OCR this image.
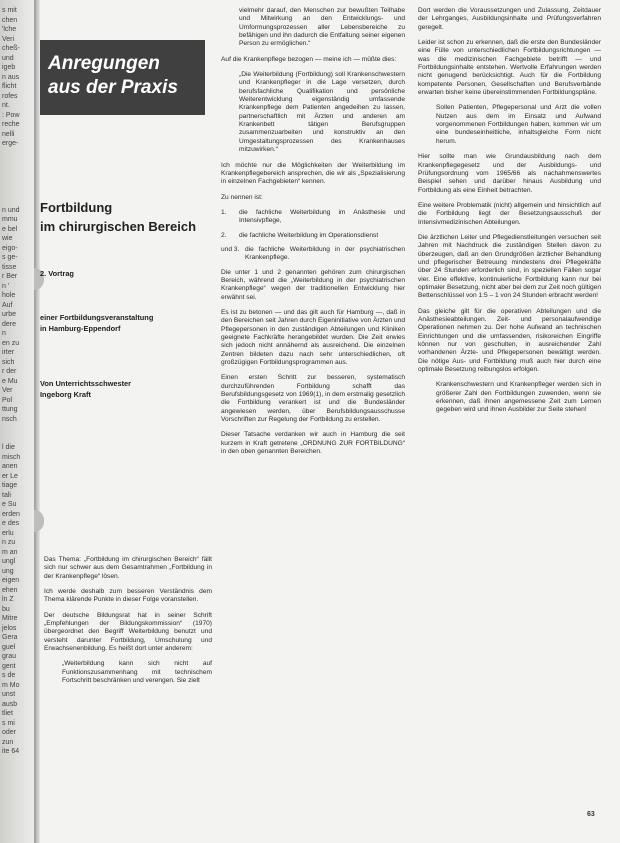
s mit
chen
'lche
Veri
cheß-
und
igeb
n aus
flicht
rofes
nt.
: Pow
reche
nelli
erge-
n und
mmu
e bel
wie
eigo-
s ge-
tisse
r Ber
n '
hole
Auf
urbe
dere
n
en zu
irter
sich
r der
e Mu
Ver
Pol
ttung
nsch
l die
misch
anen
er Le
tiage
tali
e Su
erden
e des
erlu
n zu
m an
ungl
ung
eigen
ehen
ln Z
bu
Mitre
jelos
Gera
guel
grau
gent
s de
m Mo
unst
ausb
tliet
s mi
oder
zun
ite 64
Anregungen
aus der Praxis
Fortbildung
im chirurgischen Bereich
2. Vortrag
einer Fortbildungsveranstaltung
in Hamburg-Eppendorf
Von Unterrichtsschwester
Ingeborg Kraft

Das Thema: „Fortbildung im chirurgischen Bereich“ fällt sich nur schwer aus dem Gesamtrahmen „Fortbildung in der Krankenpflege“ lösen.

Ich werde deshalb zum besseren Verständnis dem Thema klärende Punkte in dieser Folge voranstellen.

Der deutsche Bildungsrat hat in seiner Schrift „Empfehlungen der Bildungskommission“ (1970) übergeordnet den Begriff Weiterbildung benutzt und versteht darunter Fortbildung, Umschulung und Erwachsenenbildung. Es heißt dort unter anderem:

„Weiterbildung kann sich nicht auf Funktionszusammenhang mit technischem Fortschritt beschränken und verengen. Sie zielt

vielmehr darauf, den Menschen zur bewußten Teilhabe und Mitwirkung an den Entwicklungs- und Umformungsprozessen aller Lebensbereiche zu befähigen und ihn dadurch die Entfaltung seiner eigenen Person zu ermöglichen.“

Auf die Krankenpflege bezogen — meine ich — müßte dies:

„Die Weiterbildung (Fortbildung) soll Krankenschwestern und Krankenpfleger in die Lage versetzen, durch berufsfachliche Qualifikation und persönliche Weiterentwicklung eigenständig umfassende Krankenpflege dem Patienten angedeihen zu lassen, partnerschaftlich mit Ärzten und anderen am Krankenbett tätigen Berufsgruppen zusammenzuarbeiten und konstruktiv an den Umgestaltungsprozessen des Krankenhauses mitzuwirken.“

Ich möchte nur die Möglichkeiten der Weiterbildung im Krankenpflegebereich ansprechen, die wir als „Spezialisierung in einzelnen Fachgebieten“ kennen.

Zu nennen ist:

1.	die fachliche Weiterbildung im Anästhesie und Intensivpflege,
2.	die fachliche Weiterbildung im Operationsdienst
und 3. die fachliche Weiterbildung in der psychiatrischen Krankenpflege.

Die unter 1 und 2 genannten gehören zum chirurgischen Bereich, während die „Weiterbildung in der psychiatrischen Krankenpflege“ wegen der traditionellen Entwicklung hier erwähnt sei.

Es ist zu betonen — und das gilt auch für Hamburg —, daß in den Bereichen seit Jahren durch Eigeninitiative von Ärzten und Pflegepersonen in den zuständigen Abteilungen und Kliniken geeignete Fachkräfte herangebildet wurden. Die Zeit erwies sich jedoch nicht annähernd als ausreichend. Die einzelnen Zentren bildeten dazu nach sehr unterschiedlichen, oft großzügigen Fortbildungsprogrammen aus.

Einen ersten Schritt zur besseren, systematisch durchzuführenden Fortbildung schafft das Berufsbildungsgesetz von 1969(1), in dem erstmalig gesetzlich die Fortbildung verankert ist und die Bundesländer angewiesen werden, über Berufsbildungsausschusse Vorschriften zur Regelung der Fortbildung zu erstellen.

Dieser Tatsache verdanken wir auch in Hamburg die seit kurzem in Kraft getretene „ORDNUNG ZUR FORTBILDUNG“ in den oben genannten Bereichen.

Dort werden die Voraussetzungen und Zulassung, Zeitdauer der Lehrganges, Ausbildungsinhalte und Prüfungsverfahren geregelt.

Leider ist schon zu erkennen, daß die erste den Bundesländer eine Fülle von unterschiedlichen Fortbildungsrichtungen — was die medizinischen Fachgebiete betrifft — und Fortbildungsinhalte entstehen. Wertvolle Erfahrungen werden nicht genugend berücksichtigt. Auch für die Fortbildung kompetente Personen, Gesellschaften und Berufsverbände erwarten bisher keine übereinstimmenden Fortbildungspläne.

Sollen Patienten, Pflegepersonal und Arzt die vollen Nutzen aus dem im Einsatz und Aufwand vorgenommenen Fortbildungen haben, kommen wir um eine bundeseinheitliche, inhaltsgleiche Form nicht herum.

Hier sollte man wie Grundausbildung nach dem Krankenpflegegesetz und der Ausbildungs- und Prüfungsordnung vom 1965/66 als nachahmenswertes Beispiel sehen und darüber hinaus Ausbildung und Fortbildung als eine Einheit betrachten.

Eine weitere Problematik (nicht) allgemein und hinsichtlich auf die Fortbildung liegt der Besetzungsausschuß der Intensivmedizinischen Abteilungen.

Die ärztlichen Leiter und Pflegedienstleitungen versuchen seit Jahren mit Nachdruck die zuständigen Stellen davon zu überzeugen, daß an den Grundgrößen ärztlicher Behandlung und pflegerischer Betreuung mindestens drei Pflegekräfte über 24 Stunden erforderlich sind, in speziellen Fällen sogar vier. Eine effektive, kontinuierliche Fortbildung kann nur bei optimaler Besetzung, nicht aber bei dem zur Zeit noch gültigen Bettenschlüssel von 1:5 – 1 von 24 Stunden erbracht werden!

Das gleiche gilt für die operativen Abteilungen und die Anästhesieabteilungen. Zeit- und personalaufwendige Operationen nehmen zu. Der hohe Aufwand an technischen Einrichtungen und die umfassenden, risikoreichen Eingriffe können nur von geschulten, in ausreichender Zahl vorhandenen Ärzte- und Pflegepersonen bewältigt werden. Die nötige Aus- und Fortbildung muß auch hier durch eine optimale Besetzung reibungslos erfolgen.

Krankenschwestern und Krankenpfleger werden sich in größerer Zahl den Fortbildungen zuwenden, wenn sie erkennen, daß ihnen angemessene Zeit zum Lernen gegeben wird und ihnen Ausbilder zur Seite stehen!

63
